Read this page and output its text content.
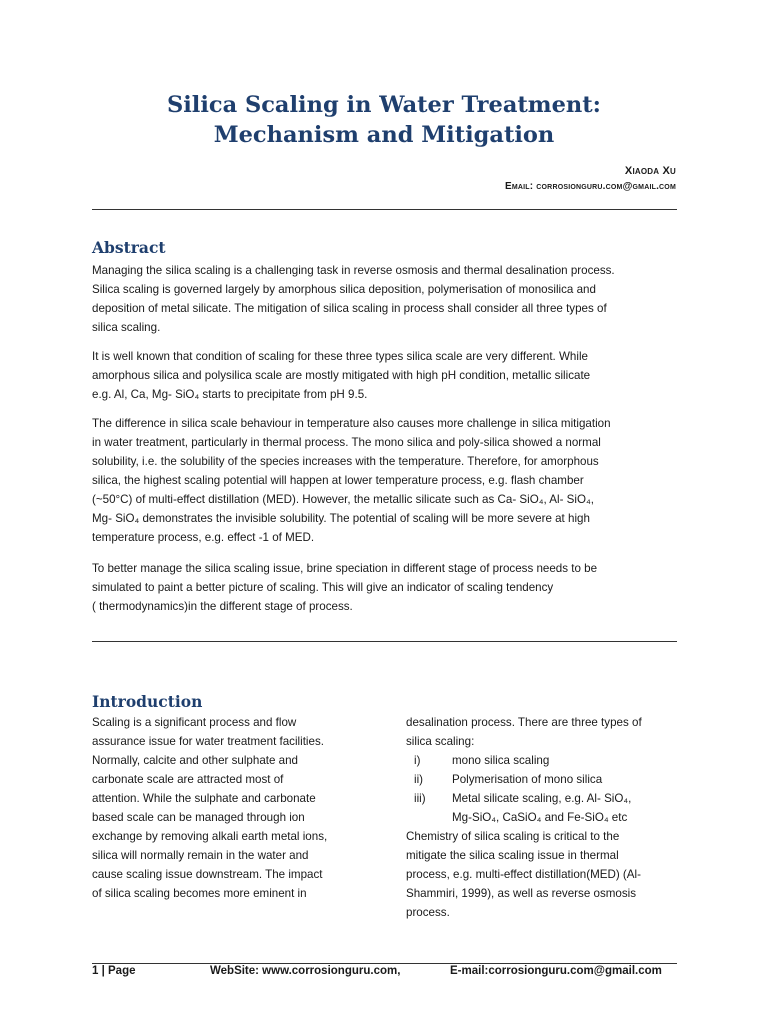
Silica Scaling in Water Treatment:
Mechanism and Mitigation
Xiaoda Xu
Email: corrosionguru.com@gmail.com
Abstract
Managing the silica scaling is a challenging task in reverse osmosis and thermal desalination process.
Silica scaling is governed largely by amorphous silica deposition, polymerisation of monosilica and
deposition of metal silicate. The mitigation of silica scaling in process shall consider all three types of
silica scaling.
It is well known that condition of scaling for these three types silica scale are very different. While
amorphous silica and polysilica scale are mostly mitigated with high pH condition, metallic silicate
e.g. Al, Ca, Mg- SiO₄ starts to precipitate from pH 9.5.
The difference in silica scale behaviour in temperature also causes more challenge in silica mitigation
in water treatment, particularly in thermal process. The mono silica and poly-silica showed a normal
solubility, i.e. the solubility of the species increases with the temperature. Therefore, for amorphous
silica, the highest scaling potential will happen at lower temperature process, e.g. flash chamber
(~50°C) of multi-effect distillation (MED). However, the metallic silicate such as Ca- SiO₄, Al- SiO₄,
Mg- SiO₄ demonstrates the invisible solubility. The potential of scaling will be more severe at high
temperature process, e.g. effect -1 of MED.
To better manage the silica scaling issue, brine speciation in different stage of process needs to be
simulated to paint a better picture of scaling. This will give an indicator of scaling tendency
( thermodynamics)in the different stage of process.
Introduction
Scaling is a significant process and flow
assurance issue for water treatment facilities.
Normally, calcite and other sulphate and
carbonate scale are attracted most of
attention. While the sulphate and carbonate
based scale can be managed through ion
exchange by removing alkali earth metal ions,
silica will normally remain in the water and
cause scaling issue downstream. The impact
of silica scaling becomes more eminent in
desalination process. There are three types of
silica scaling:
i)	mono silica scaling
ii) Polymerisation of mono silica
iii) Metal silicate scaling, e.g. Al- SiO₄,
Mg-SiO₄, CaSiO₄ and Fe-SiO₄ etc
Chemistry of silica scaling is critical to the
mitigate the silica scaling issue in thermal
process, e.g. multi-effect distillation(MED) (Al-
Shammiri, 1999), as well as reverse osmosis
process.
1 | Page	WebSite: www.corrosionguru.com,	E-mail:corrosionguru.com@gmail.com
